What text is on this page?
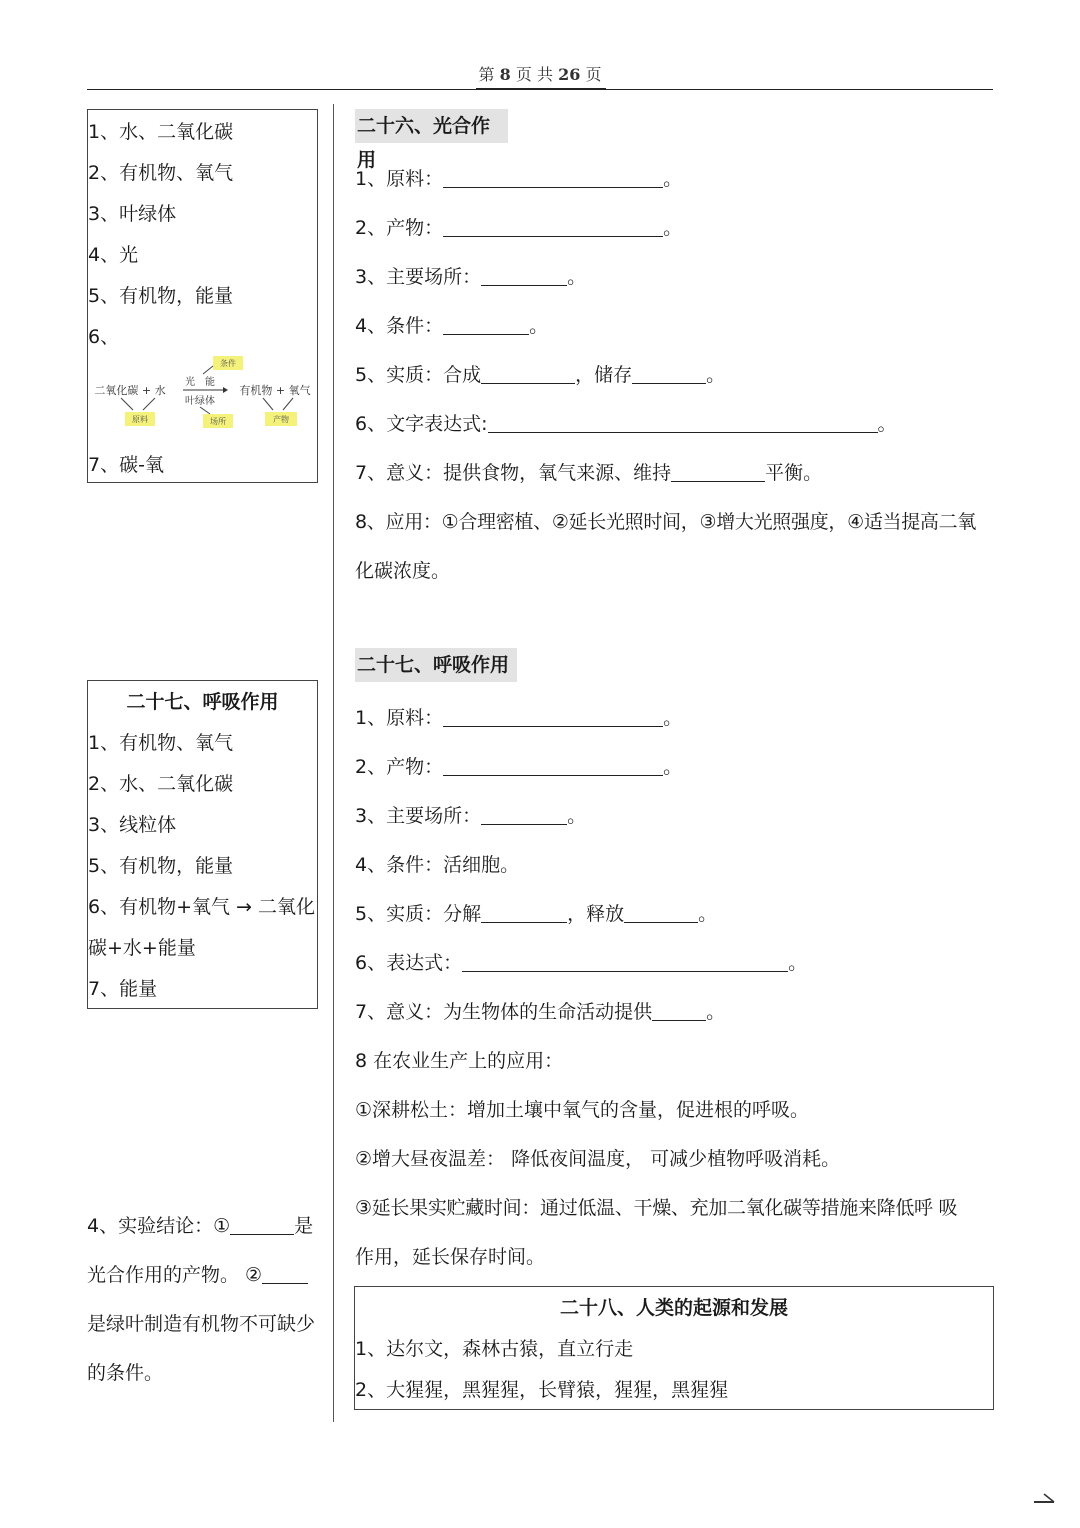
第 8 页 共 26 页
1、水、二氧化碳
2、有机物、氧气
3、叶绿体
4、光
5、有机物，能量
6、
7、碳-氧
条件
二氧化碳 + 水
光　能
叶绿体
有机物 + 氧气
原料	场所	产物
二十七、呼吸作用
1、有机物、氧气
2、水、二氧化碳
3、线粒体
5、有机物，能量
6、有机物+氧气 → 二氧化
碳+水+能量
7、能量
4、实验结论：①	是
光合作用的产物。 ②
是绿叶制造有机物不可缺少
的条件。
二十六、光合作用
1、原料：	。
2、产物：	。
3、主要场所：	。
4、条件：	。
5、实质：合成	，储存	。
6、文字表达式:	。
7、意义：提供食物，氧气来源、维持	平衡。
8、应用：①合理密植、②延长光照时间，③增大光照强度，④适当提高二氧
化碳浓度。
二十七、呼吸作用
1、原料：	。
2、产物：	。
3、主要场所：	。
4、条件：活细胞。
5、实质：分解	，释放	。
6、表达式：	。
7、意义：为生物体的生命活动提供	。
8 在农业生产上的应用：
①深耕松土：增加土壤中氧气的含量，促进根的呼吸。
②增大昼夜温差： 降低夜间温度， 可减少植物呼吸消耗。
③延长果实贮藏时间：通过低温、干燥、充加二氧化碳等措施来降低呼 吸
作用，延长保存时间。
二十八、人类的起源和发展
1、达尔文，森林古猿，直立行走
2、大猩猩，黑猩猩，长臂猿，猩猩，黑猩猩
